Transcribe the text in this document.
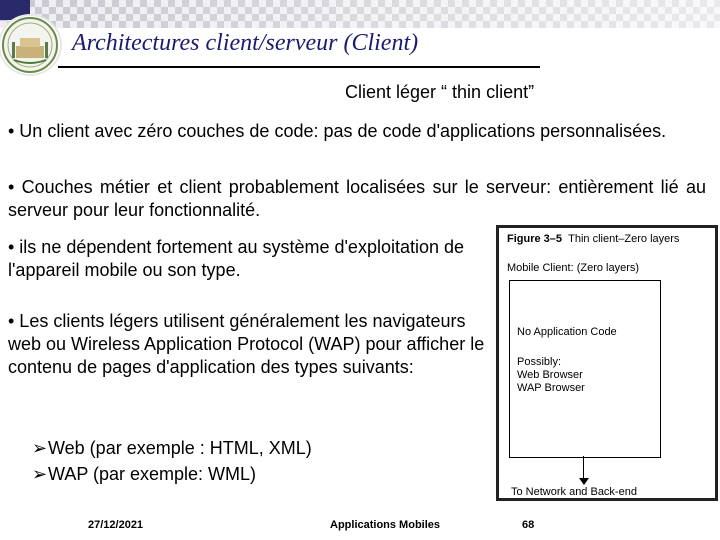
Architectures client/serveur (Client)
Client léger “ thin client”
• Un client avec zéro couches de code: pas de code d'applications personnalisées.
• Couches métier et client probablement localisées sur le serveur: entièrement lié au serveur pour leur fonctionnalité.
• ils ne dépendent fortement au système d'exploitation de l'appareil mobile ou son type.
• Les clients légers utilisent généralement les navigateurs web ou Wireless Application Protocol (WAP) pour afficher le contenu de pages d'application des types suivants:
➢Web (par exemple : HTML, XML)
➢WAP (par exemple: WML)
Figure 3–5 Thin client–Zero layers
Mobile Client: (Zero layers)
No Application Code
Possibly:
Web Browser
WAP Browser
To Network and Back-end
27/12/2021	Applications Mobiles	68
